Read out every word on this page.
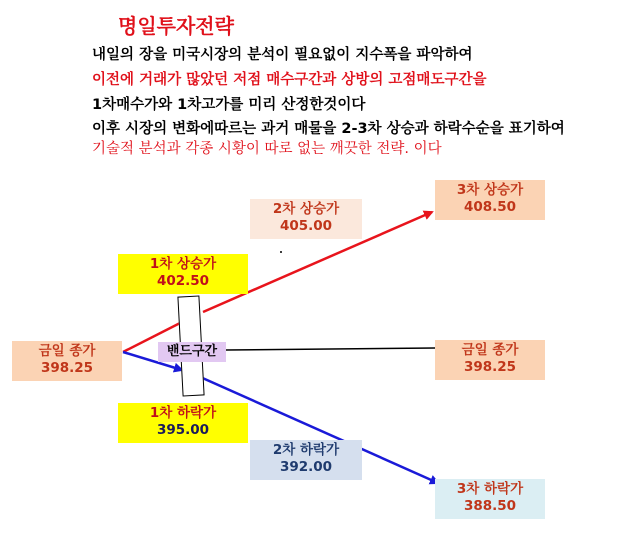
명일투자전략
내일의 장을 미국시장의 분석이 필요없이 지수폭을 파악하여
이전에 거래가 많았던 저점 매수구간과 상방의 고점매도구간을
1차매수가와 1차고가를 미리 산정한것이다
이후 시장의 변화에따르는 과거 매물을 2-3차 상승과 하락수순을 표기하여
기술적 분석과 각종 시황이 따로 없는 깨끗한 전략. 이다
밴드구간
금일 종가
398.25
1차 상승가
402.50
2차 상승가
405.00
3차 상승가
408.50
금일 종가
398.25
1차 하락가
395.00
2차 하락가
392.00
3차 하락가
388.50
